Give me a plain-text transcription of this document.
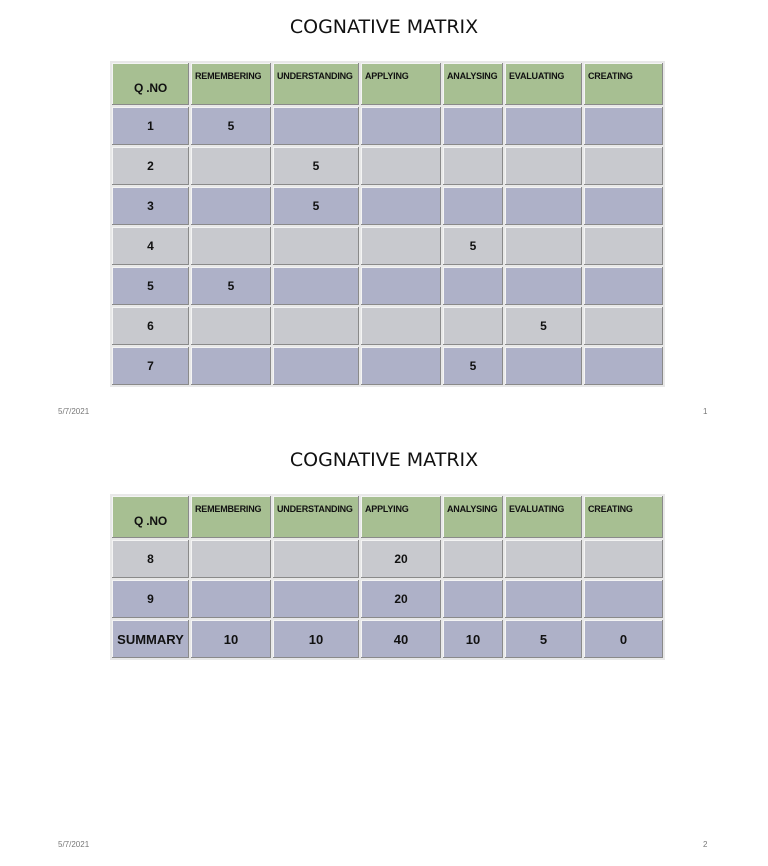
COGNATIVE MATRIX
Q .NO	REMEMBERING	UNDERSTANDING	APPLYING	ANALYSING	EVALUATING	CREATING
1	5					
2		5				
3		5				
4				5		
5	5					
6					5	
7				5		
5/7/2021	1
COGNATIVE MATRIX
Q .NO	REMEMBERING	UNDERSTANDING	APPLYING	ANALYSING	EVALUATING	CREATING
8			20			
9			20			
SUMMARY	10	10	40	10	5	0
5/7/2021	2
